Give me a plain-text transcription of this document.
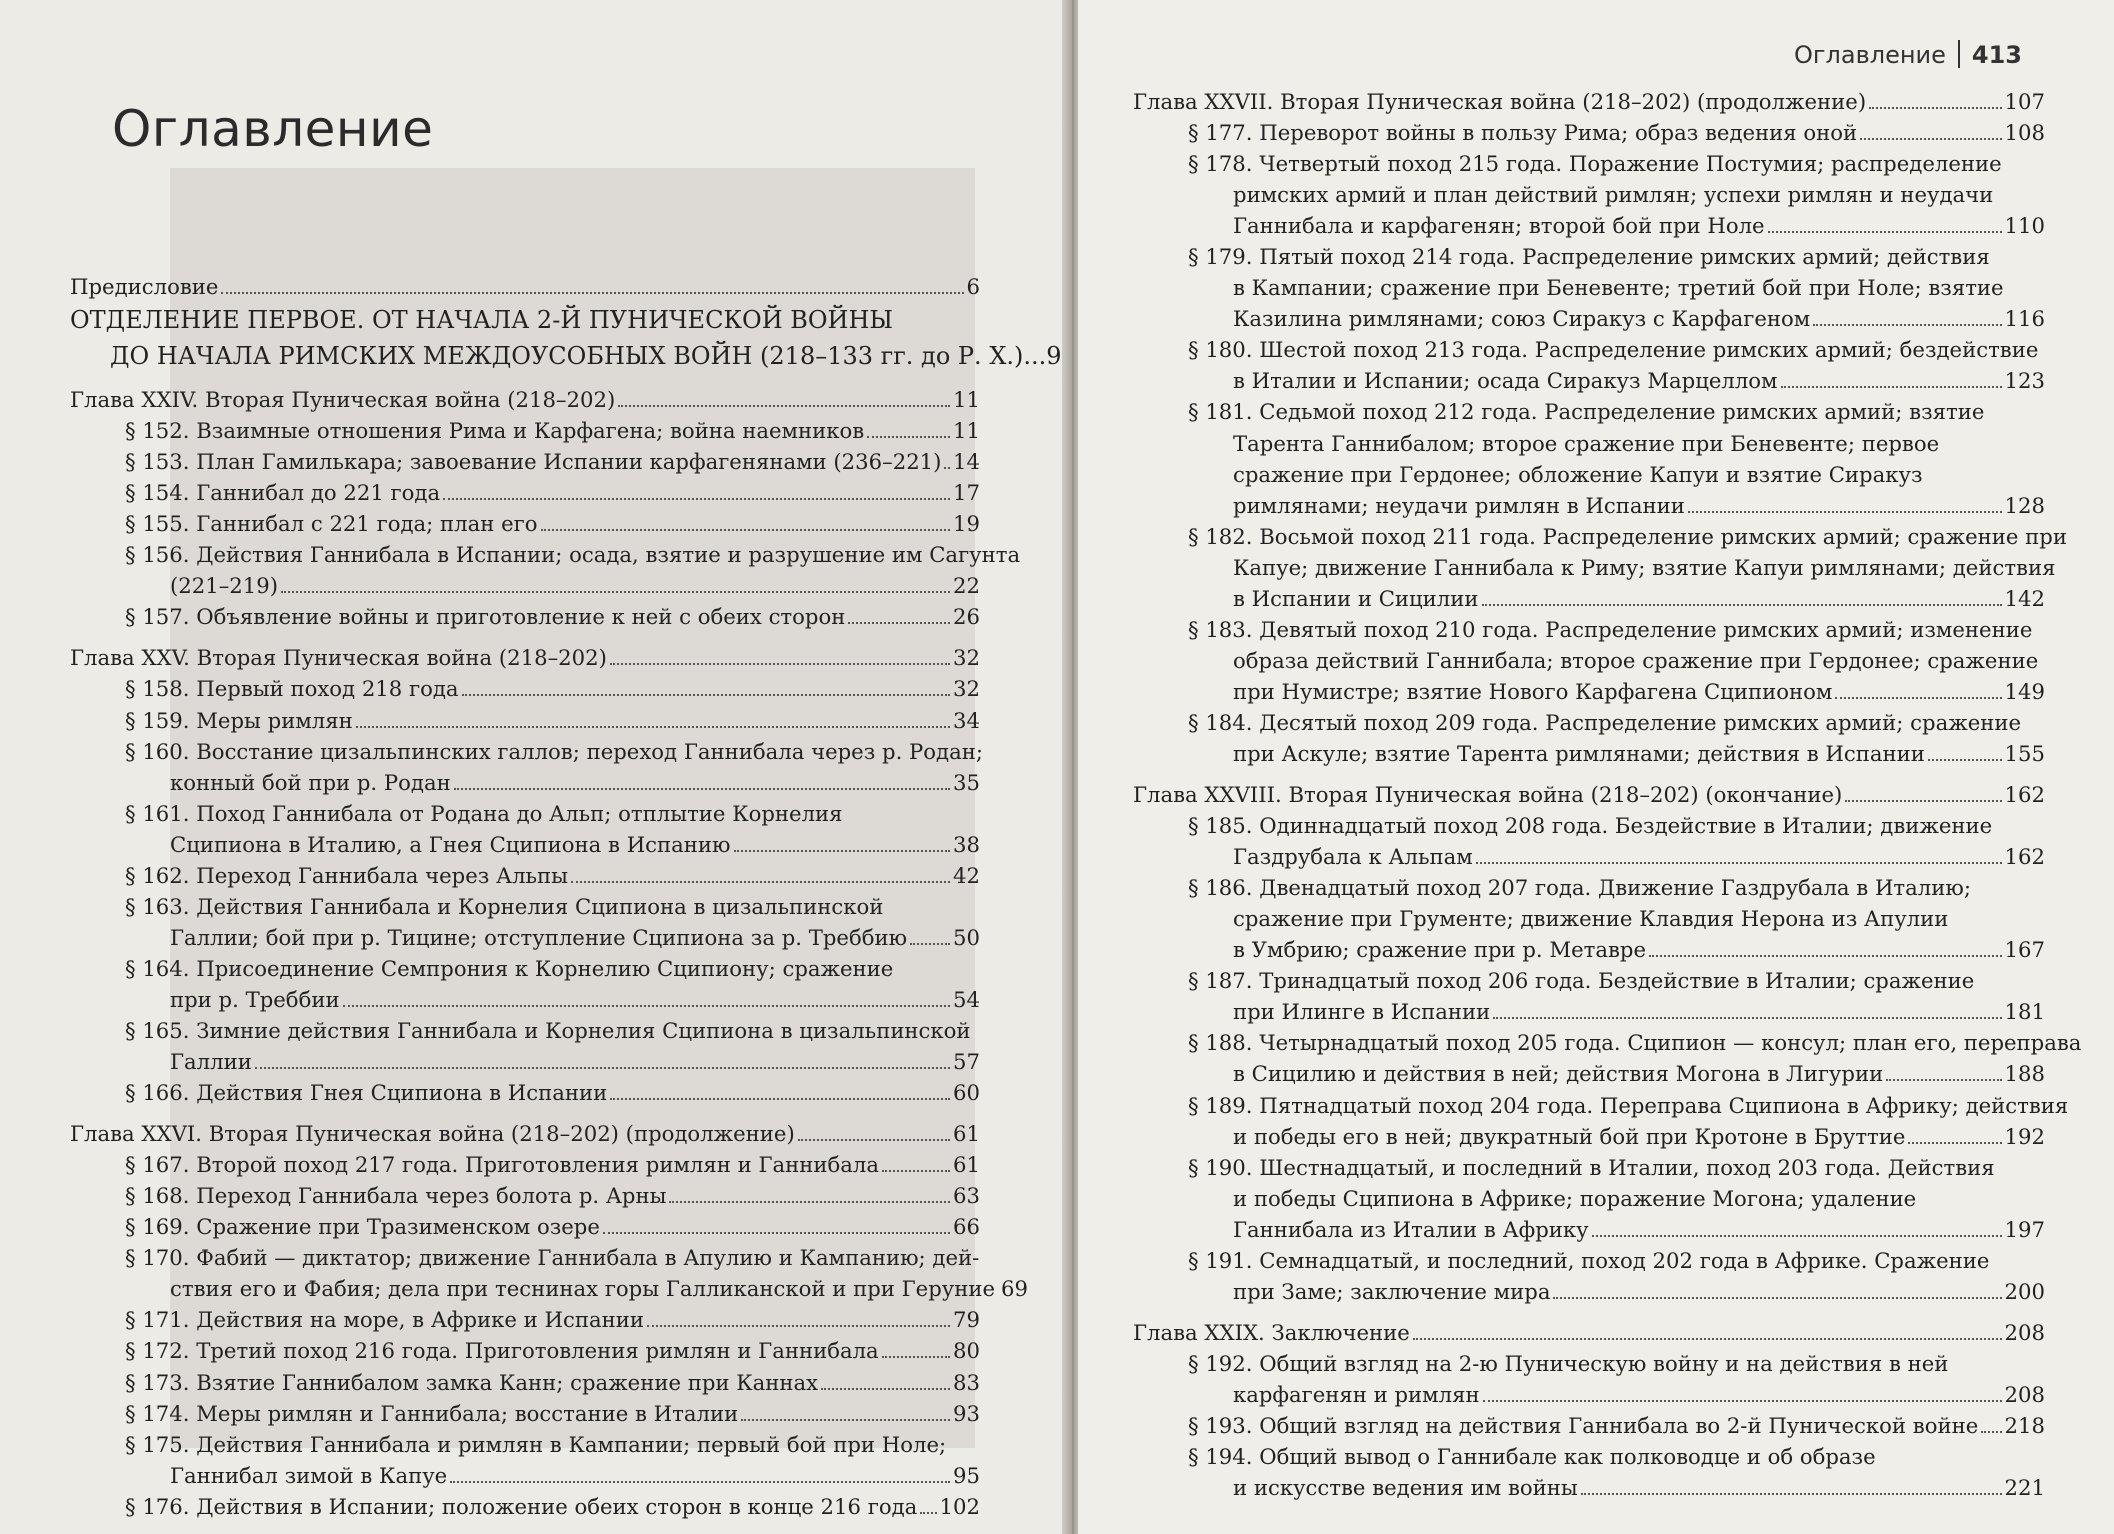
Оглавление
Предисловие	6
ОТДЕЛЕНИЕ ПЕРВОЕ. ОТ НАЧАЛА 2-Й ПУНИЧЕСКОЙ ВОЙНЫ
ДО НАЧАЛА РИМСКИХ МЕЖДОУСОБНЫХ ВОЙН (218–133 гг. до Р. Х.)... 9
Глава XXIV. Вторая Пуническая война (218–202)	11
§ 152. Взаимные отношения Рима и Карфагена; война наемников	11
§ 153. План Гамилькара; завоевание Испании карфагенянами (236–221) 14
§ 154. Ганнибал до 221 года	17
§ 155. Ганнибал с 221 года; план его	19
§ 156. Действия Ганнибала в Испании; осада, взятие и разрушение им Сагунта
(221–219)	22
§ 157. Объявление войны и приготовление к ней с обеих сторон	26
Глава XXV. Вторая Пуническая война (218–202)	32
§ 158. Первый поход 218 года	32
§ 159. Меры римлян	34
§ 160. Восстание цизальпинских галлов; переход Ганнибала через р. Родан;
конный бой при р. Родан	35
§ 161. Поход Ганнибала от Родана до Альп; отплытие Корнелия
Сципиона в Италию, а Гнея Сципиона в Испанию	38
§ 162. Переход Ганнибала через Альпы	42
§ 163. Действия Ганнибала и Корнелия Сципиона в цизальпинской
Галлии; бой при р. Тицине; отступление Сципиона за р. Треббию 50
§ 164. Присоединение Семпрония к Корнелию Сципиону; сражение
при р. Треббии	54
§ 165. Зимние действия Ганнибала и Корнелия Сципиона в цизальпинской
Галлии	57
§ 166. Действия Гнея Сципиона в Испании	60
Глава XXVI. Вторая Пуническая война (218–202) (продолжение)	61
§ 167. Второй поход 217 года. Приготовления римлян и Ганнибала	61
§ 168. Переход Ганнибала через болота р. Арны	63
§ 169. Сражение при Тразименском озере	66
§ 170. Фабий — диктатор; движение Ганнибала в Апулию и Кампанию; дей-
ствия его и Фабия; дела при теснинах горы Галликанской и при Геруние 69
§ 171. Действия на море, в Африке и Испании	79
§ 172. Третий поход 216 года. Приготовления римлян и Ганнибала	80
§ 173. Взятие Ганнибалом замка Канн; сражение при Каннах	83
§ 174. Меры римлян и Ганнибала; восстание в Италии	93
§ 175. Действия Ганнибала и римлян в Кампании; первый бой при Ноле;
Ганнибал зимой в Капуе	95
§ 176. Действия в Испании; положение обеих сторон в конце 216 года 102
Оглавление 413
Глава XXVII. Вторая Пуническая война (218–202) (продолжение)	107
§ 177. Переворот войны в пользу Рима; образ ведения оной	108
§ 178. Четвертый поход 215 года. Поражение Постумия; распределение
римских армий и план действий римлян; успехи римлян и неудачи
Ганнибала и карфагенян; второй бой при Ноле	110
§ 179. Пятый поход 214 года. Распределение римских армий; действия
в Кампании; сражение при Беневенте; третий бой при Ноле; взятие
Казилина римлянами; союз Сиракуз с Карфагеном	116
§ 180. Шестой поход 213 года. Распределение римских армий; бездействие
в Италии и Испании; осада Сиракуз Марцеллом	123
§ 181. Седьмой поход 212 года. Распределение римских армий; взятие
Тарента Ганнибалом; второе сражение при Беневенте; первое
сражение при Гердонее; обложение Капуи и взятие Сиракуз
римлянами; неудачи римлян в Испании	128
§ 182. Восьмой поход 211 года. Распределение римских армий; сражение при
Капуе; движение Ганнибала к Риму; взятие Капуи римлянами; действия
в Испании и Сицилии	142
§ 183. Девятый поход 210 года. Распределение римских армий; изменение
образа действий Ганнибала; второе сражение при Гердонее; сражение
при Нумистре; взятие Нового Карфагена Сципионом	149
§ 184. Десятый поход 209 года. Распределение римских армий; сражение
при Аскуле; взятие Тарента римлянами; действия в Испании	155
Глава XXVIII. Вторая Пуническая война (218–202) (окончание)	162
§ 185. Одиннадцатый поход 208 года. Бездействие в Италии; движение
Газдрубала к Альпам	162
§ 186. Двенадцатый поход 207 года. Движение Газдрубала в Италию;
сражение при Грументе; движение Клавдия Нерона из Апулии
в Умбрию; сражение при р. Метавре	167
§ 187. Тринадцатый поход 206 года. Бездействие в Италии; сражение
при Илинге в Испании	181
§ 188. Четырнадцатый поход 205 года. Сципион — консул; план его, переправа
в Сицилию и действия в ней; действия Могона в Лигурии	188
§ 189. Пятнадцатый поход 204 года. Переправа Сципиона в Африку; действия
и победы его в ней; двукратный бой при Кротоне в Бруттие	192
§ 190. Шестнадцатый, и последний в Италии, поход 203 года. Действия
и победы Сципиона в Африке; поражение Могона; удаление
Ганнибала из Италии в Африку	197
§ 191. Семнадцатый, и последний, поход 202 года в Африке. Сражение
при Заме; заключение мира	200
Глава XXIX. Заключение	208
§ 192. Общий взгляд на 2-ю Пуническую войну и на действия в ней
карфагенян и римлян	208
§ 193. Общий взгляд на действия Ганнибала во 2-й Пунической войне 218
§ 194. Общий вывод о Ганнибале как полководце и об образе
и искусстве ведения им войны	221
